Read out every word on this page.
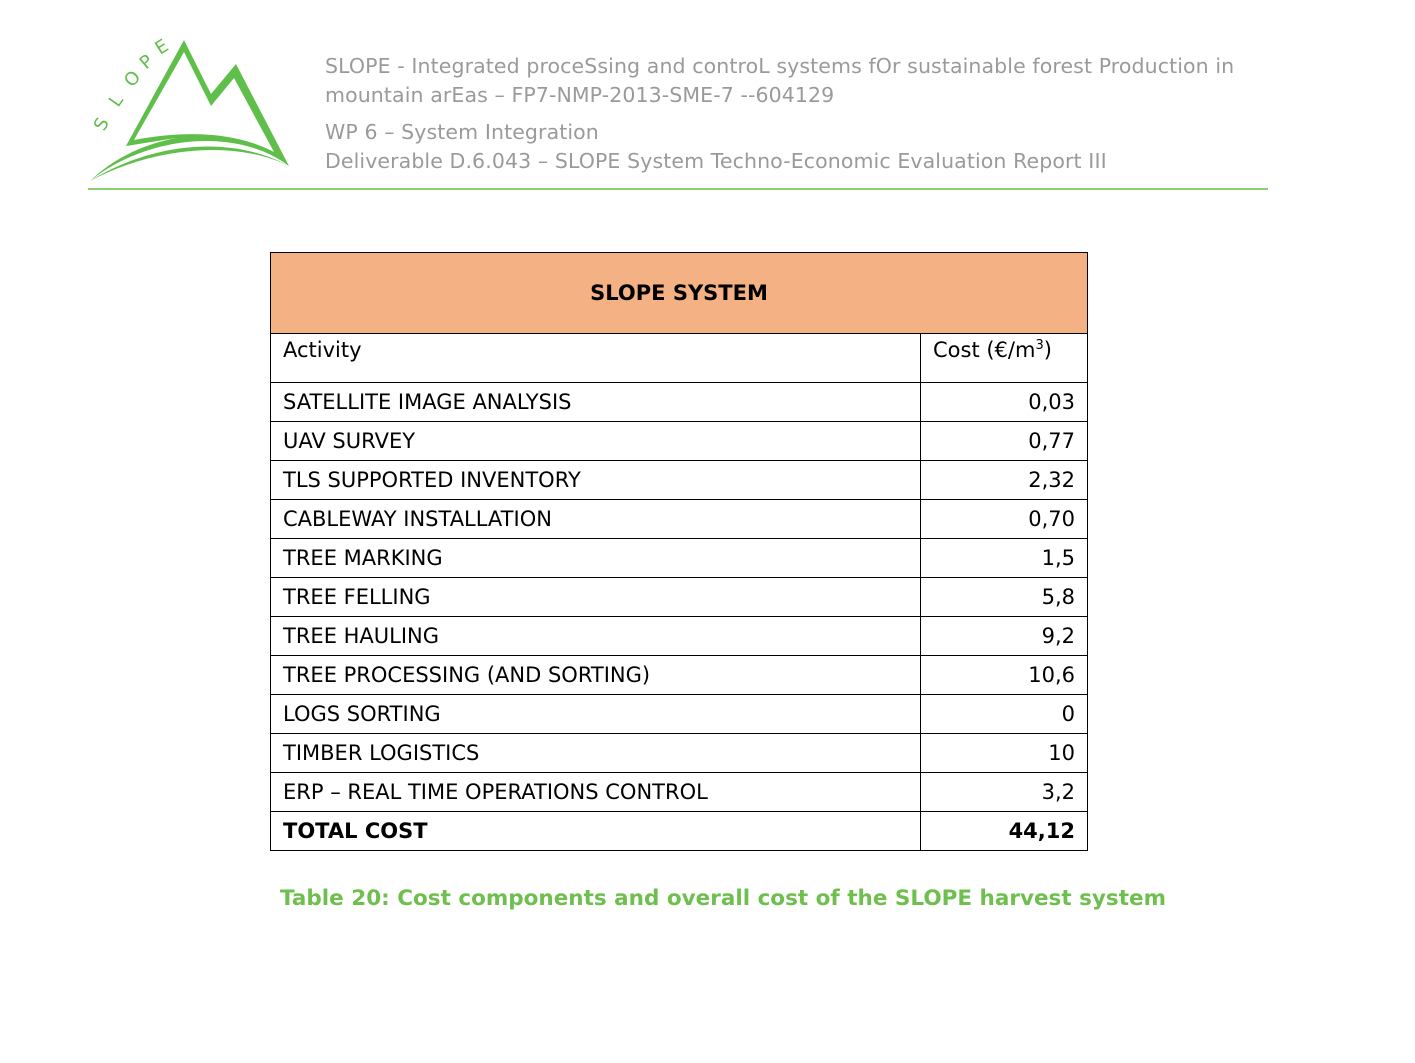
S
L
O
P
E
SLOPE - Integrated proceSsing and controL systems fOr sustainable forest Production in
mountain arEas – FP7-NMP-2013-SME-7 --604129
WP 6 – System Integration
Deliverable D.6.043 – SLOPE System Techno-Economic Evaluation Report III
SLOPE SYSTEM	
Activity	Cost $(€/m^3)$
SATELLITE IMAGE ANALYSIS	0,03
UAV SURVEY	0,77
TLS SUPPORTED INVENTORY	2,32
CABLEWAY INSTALLATION	0,70
TREE MARKING	1,5
TREE FELLING	5,8
TREE HAULING	9,2
TREE PROCESSING (AND SORTING)	10,6
LOGS SORTING	0
TIMBER LOGISTICS	10
ERP – REAL TIME OPERATIONS CONTROL	3,2
TOTAL COST	44,12
Table 20: Cost components and overall cost of the SLOPE harvest system
